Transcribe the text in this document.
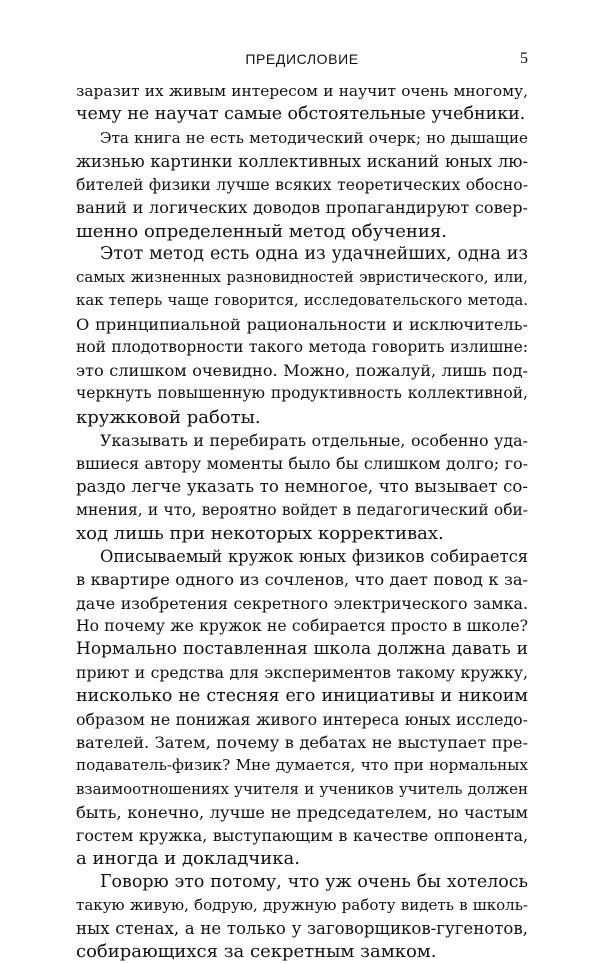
ПРЕДИСЛОВИЕ	5

заразит их живым интересом и научит очень многому,
чему не научат самые обстоятельные учебники.

Эта книга не есть методический очерк; но дышащие
жизнью картинки коллективных исканий юных лю-
бителей физики лучше всяких теоретических обосно-
ваний и логических доводов пропагандируют совер-
шенно определенный метод обучения.

Этот метод есть одна из удачнейших, одна из
самых жизненных разновидностей эвристического, или,
как теперь чаще говорится, исследовательского метода.
О принципиальной рациональности и исключитель-
ной плодотворности такого метода говорить излишне:
это слишком очевидно. Можно, пожалуй, лишь под-
черкнуть повышенную продуктивность коллективной,
кружковой работы.

Указывать и перебирать отдельные, особенно уда-
вшиеся автору моменты было бы слишком долго; го-
раздо легче указать то немногое, что вызывает со-
мнения, и что, вероятно войдет в педагогический оби-
ход лишь при некоторых коррективах.

Описываемый кружок юных физиков собирается
в квартире одного из сочленов, что дает повод к за-
даче изобретения секретного электрического замка.
Но почему же кружок не собирается просто в школе?
Нормально поставленная школа должна давать и
приют и средства для экспериментов такому кружку,
нисколько не стесняя его инициативы и никоим
образом не понижая живого интереса юных исследо-
вателей. Затем, почему в дебатах не выступает пре-
подаватель-физик? Мне думается, что при нормальных
взаимоотношениях учителя и учеников учитель должен
быть, конечно, лучше не председателем, но частым
гостем кружка, выступающим в качестве оппонента,
а иногда и докладчика.

Говорю это потому, что уж очень бы хотелось
такую живую, бодрую, дружную работу видеть в школь-
ных стенах, а не только у заговорщиков-гугенотов,
собирающихся за секретным замком.
